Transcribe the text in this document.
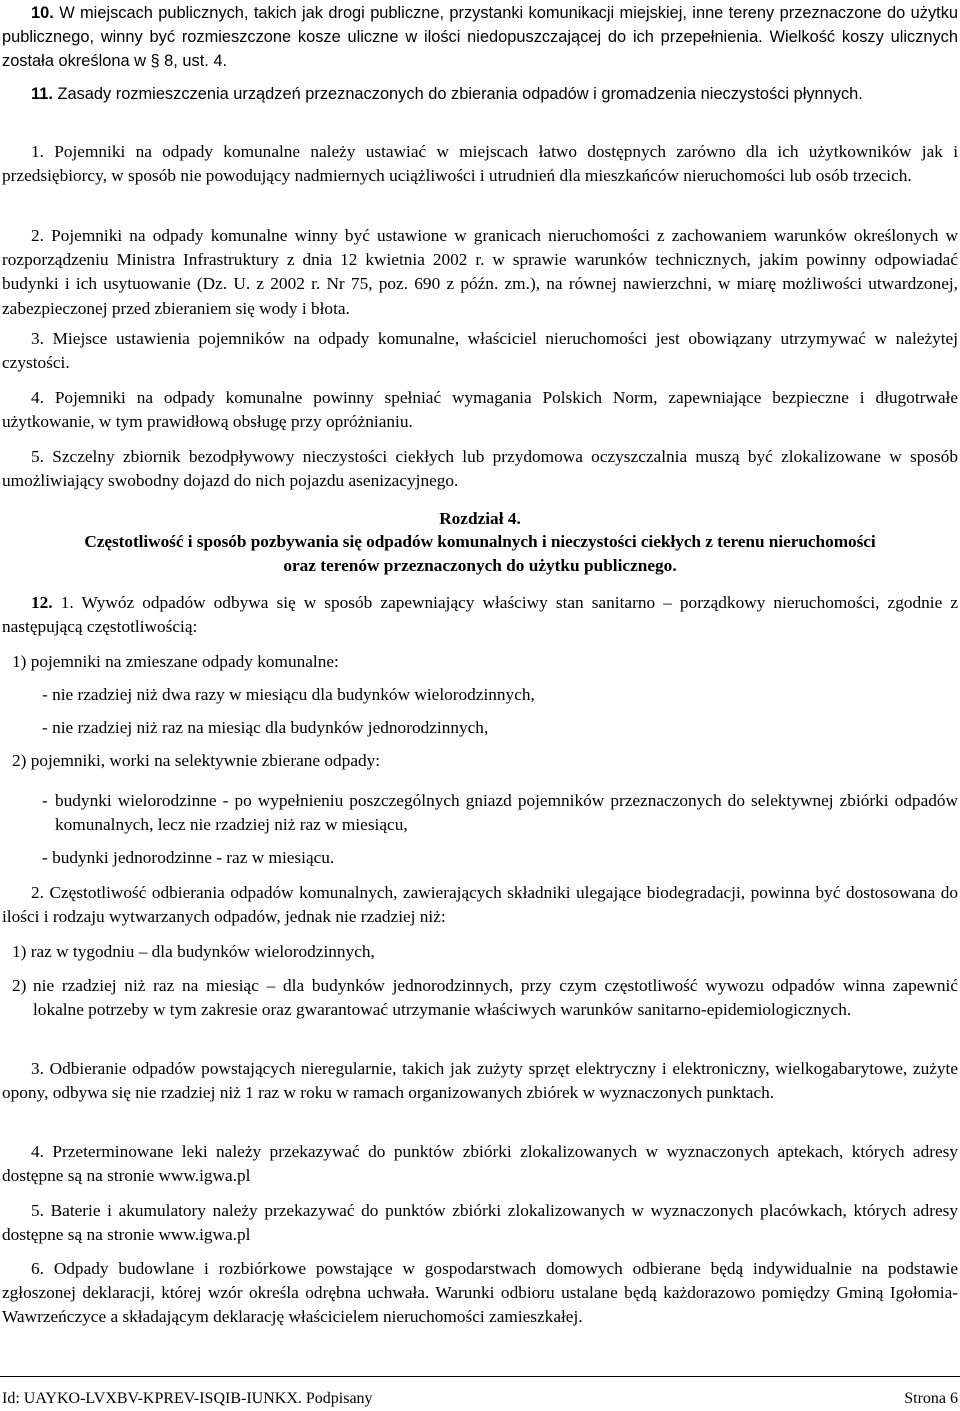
10. W miejscach publicznych, takich jak drogi publiczne, przystanki komunikacji miejskiej, inne tereny przeznaczone do użytku publicznego, winny być rozmieszczone kosze uliczne w ilości niedopuszczającej do ich przepełnienia. Wielkość koszy ulicznych została określona w § 8, ust. 4.
11. Zasady rozmieszczenia urządzeń przeznaczonych do zbierania odpadów i gromadzenia nieczystości płynnych.
1. Pojemniki na odpady komunalne należy ustawiać w miejscach łatwo dostępnych zarówno dla ich użytkowników jak i przedsiębiorcy, w sposób nie powodujący nadmiernych uciążliwości i utrudnień dla mieszkańców nieruchomości lub osób trzecich.
2. Pojemniki na odpady komunalne winny być ustawione w granicach nieruchomości z zachowaniem warunków określonych w rozporządzeniu Ministra Infrastruktury z dnia 12 kwietnia 2002 r. w sprawie warunków technicznych, jakim powinny odpowiadać budynki i ich usytuowanie (Dz. U. z 2002 r. Nr 75, poz. 690 z późn. zm.), na równej nawierzchni, w miarę możliwości utwardzonej, zabezpieczonej przed zbieraniem się wody i błota.
3. Miejsce ustawienia pojemników na odpady komunalne, właściciel nieruchomości jest obowiązany utrzymywać w należytej czystości.
4. Pojemniki na odpady komunalne powinny spełniać wymagania Polskich Norm, zapewniające bezpieczne i długotrwałe użytkowanie, w tym prawidłową obsługę przy opróżnianiu.
5. Szczelny zbiornik bezodpływowy nieczystości ciekłych lub przydomowa oczyszczalnia muszą być zlokalizowane w sposób umożliwiający swobodny dojazd do nich pojazdu asenizacyjnego.
Rozdział 4.
Częstotliwość i sposób pozbywania się odpadów komunalnych i nieczystości ciekłych z terenu nieruchomości
oraz terenów przeznaczonych do użytku publicznego.
12. 1. Wywóz odpadów odbywa się w sposób zapewniający właściwy stan sanitarno – porządkowy nieruchomości, zgodnie z następującą częstotliwością:
1) pojemniki na zmieszane odpady komunalne:
- nie rzadziej niż dwa razy w miesiącu dla budynków wielorodzinnych,
- nie rzadziej niż raz na miesiąc dla budynków jednorodzinnych,
2) pojemniki, worki na selektywnie zbierane odpady:
- budynki wielorodzinne - po wypełnieniu poszczególnych gniazd pojemników przeznaczonych do selektywnej zbiórki odpadów komunalnych, lecz nie rzadziej niż raz w miesiącu,
- budynki jednorodzinne - raz w miesiącu.
2. Częstotliwość odbierania odpadów komunalnych, zawierających składniki ulegające biodegradacji, powinna być dostosowana do ilości i rodzaju wytwarzanych odpadów, jednak nie rzadziej niż:
1) raz w tygodniu – dla budynków wielorodzinnych,
2) nie rzadziej niż raz na miesiąc – dla budynków jednorodzinnych, przy czym częstotliwość wywozu odpadów winna zapewnić lokalne potrzeby w tym zakresie oraz gwarantować utrzymanie właściwych warunków sanitarno-epidemiologicznych.
3. Odbieranie odpadów powstających nieregularnie, takich jak zużyty sprzęt elektryczny i elektroniczny, wielkogabarytowe, zużyte opony, odbywa się nie rzadziej niż 1 raz w roku w ramach organizowanych zbiórek w wyznaczonych punktach.
4. Przeterminowane leki należy przekazywać do punktów zbiórki zlokalizowanych w wyznaczonych aptekach, których adresy dostępne są na stronie www.igwa.pl
5. Baterie i akumulatory należy przekazywać do punktów zbiórki zlokalizowanych w wyznaczonych placówkach, których adresy dostępne są na stronie www.igwa.pl
6. Odpady budowlane i rozbiórkowe powstające w gospodarstwach domowych odbierane będą indywidualnie na podstawie zgłoszonej deklaracji, której wzór określa odrębna uchwała. Warunki odbioru ustalane będą każdorazowo pomiędzy Gminą Igołomia-Wawrzeńczyce a składającym deklarację właścicielem nieruchomości zamieszkałej.
Id: UAYKO-LVXBV-KPREV-ISQIB-IUNKX. Podpisany	Strona 6
